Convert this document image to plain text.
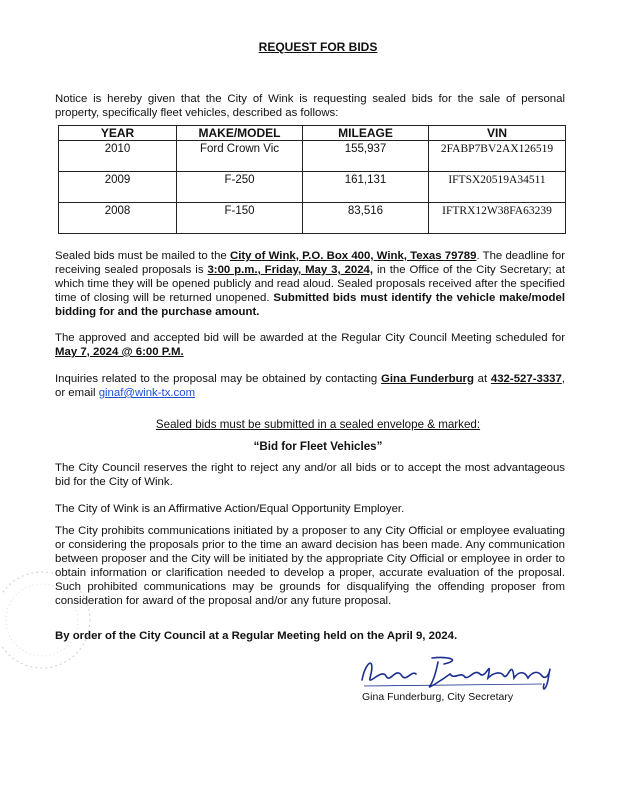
REQUEST FOR BIDS
Notice is hereby given that the City of Wink is requesting sealed bids for the sale of personal property, specifically fleet vehicles, described as follows:
YEAR	MAKE/MODEL	MILEAGE	VIN
2010	Ford Crown Vic	155,937	2FABP7BV2AX126519
2009	F-250	161,131	IFTSX20519A34511
2008	F-150	83,516	IFTRX12W38FA63239
Sealed bids must be mailed to the City of Wink, P.O. Box 400, Wink, Texas 79789. The deadline for receiving sealed proposals is 3:00 p.m., Friday, May 3, 2024, in the Office of the City Secretary; at which time they will be opened publicly and read aloud. Sealed proposals received after the specified time of closing will be returned unopened. Submitted bids must identify the vehicle make/model bidding for and the purchase amount.
The approved and accepted bid will be awarded at the Regular City Council Meeting scheduled for May 7, 2024 @ 6:00 P.M.
Inquiries related to the proposal may be obtained by contacting Gina Funderburg at 432-527-3337, or email ginaf@wink-tx.com
Sealed bids must be submitted in a sealed envelope & marked:
“Bid for Fleet Vehicles”
The City Council reserves the right to reject any and/or all bids or to accept the most advantageous bid for the City of Wink.
The City of Wink is an Affirmative Action/Equal Opportunity Employer.
The City prohibits communications initiated by a proposer to any City Official or employee evaluating or considering the proposals prior to the time an award decision has been made. Any communication between proposer and the City will be initiated by the appropriate City Official or employee in order to obtain information or clarification needed to develop a proper, accurate evaluation of the proposal. Such prohibited communications may be grounds for disqualifying the offending proposer from consideration for award of the proposal and/or any future proposal.
By order of the City Council at a Regular Meeting held on the April 9, 2024.
Gina Funderburg, City Secretary
